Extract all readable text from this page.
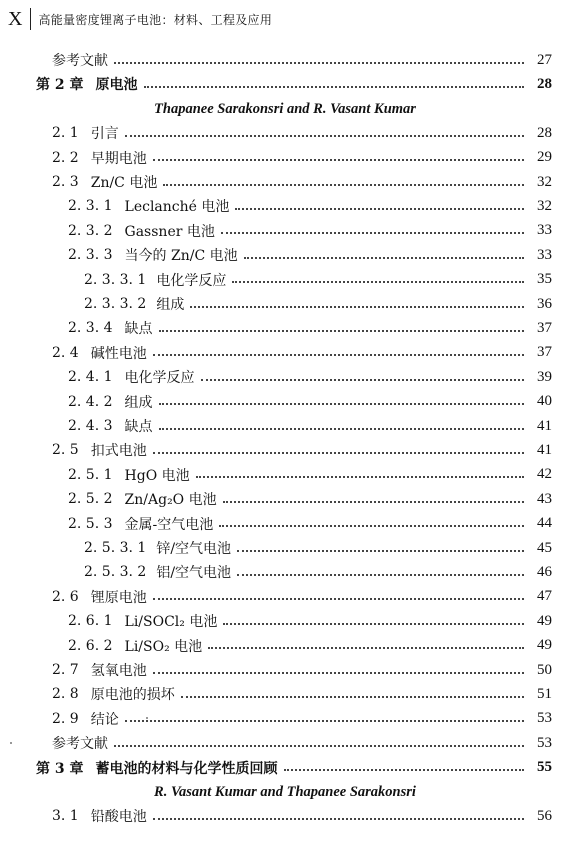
X 高能量密度锂离子电池：材料、工程及应用
参考文献	27
第 2 章 原电池	28
Thapanee Sarakonsri and R. Vasant Kumar
2. 1 引言	28
2. 2 早期电池	29
2. 3 Zn/C 电池	32
2. 3. 1 Leclanché 电池	32
2. 3. 2 Gassner 电池	33
2. 3. 3 当今的 Zn/C 电池	33
2. 3. 3. 1 电化学反应	35
2. 3. 3. 2 组成	36
2. 3. 4 缺点	37
2. 4 碱性电池	37
2. 4. 1 电化学反应	39
2. 4. 2 组成	40
2. 4. 3 缺点	41
2. 5 扣式电池	41
2. 5. 1 HgO 电池	42
2. 5. 2 Zn/Ag₂O 电池	43
2. 5. 3 金属-空气电池	44
2. 5. 3. 1 锌/空气电池	45
2. 5. 3. 2 铝/空气电池	46
2. 6 锂原电池	47
2. 6. 1 Li/SOCl₂ 电池	49
2. 6. 2 Li/SO₂ 电池	49
2. 7 氢氧电池	50
2. 8 原电池的损坏	51
2. 9 结论	53
参考文献	53
第 3 章 蓄电池的材料与化学性质回顾	55
R. Vasant Kumar and Thapanee Sarakonsri
3. 1 铅酸电池	56
